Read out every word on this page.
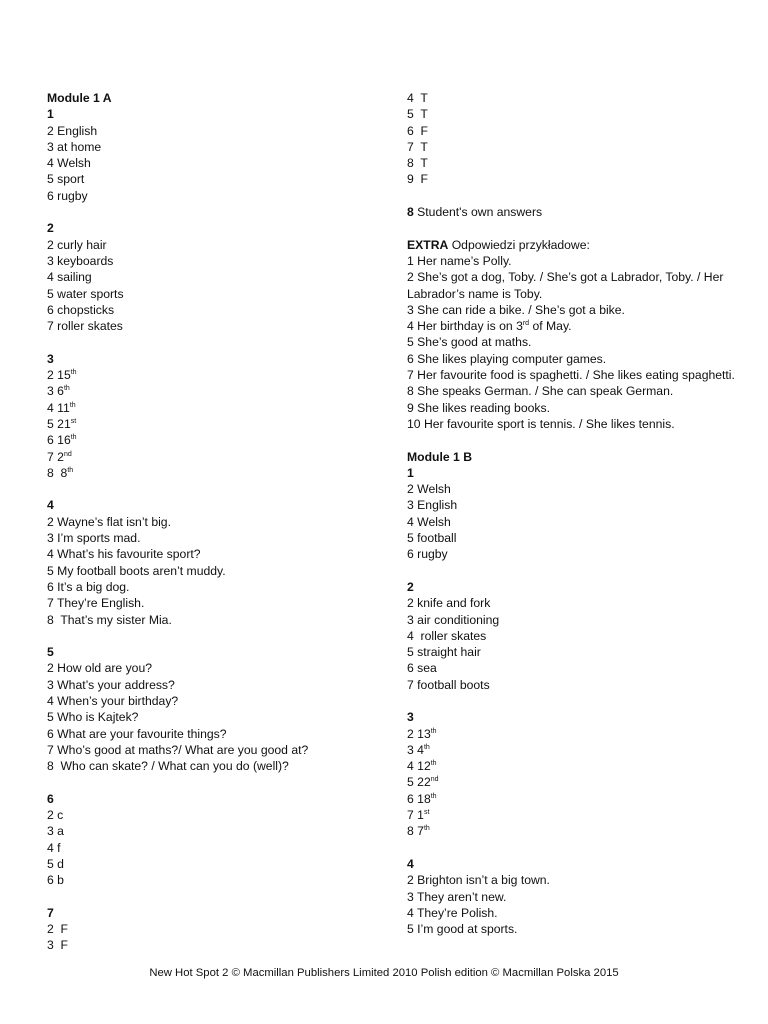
Module 1 A
1
2 English
3 at home
4 Welsh
5 sport
6 rugby
2
2 curly hair
3 keyboards
4 sailing
5 water sports
6 chopsticks
7 roller skates
3
2 15th
3 6th
4 11th
5 21st
6 16th
7 2nd
8  8th
4
2 Wayne’s flat isn’t big.
3 I’m sports mad.
4 What’s his favourite sport?
5 My football boots aren’t muddy.
6 It’s a big dog.
7 They’re English.
8  That’s my sister Mia.
5
2 How old are you?
3 What’s your address?
4 When’s your birthday?
5 Who is Kajtek?
6 What are your favourite things?
7 Who’s good at maths?/ What are you good at?
8  Who can skate? / What can you do (well)?
6
2 c
3 a
4 f
5 d
6 b
7
2  F
3  F
4  T
5  T
6  F
7  T
8  T
9  F
8 Student's own answers
EXTRA Odpowiedzi przykładowe:
1 Her name’s Polly.
2 She’s got a dog, Toby. / She’s got a Labrador, Toby. / Her Labrador’s name is Toby.
3 She can ride a bike. / She’s got a bike.
4 Her birthday is on 3rd of May.
5 She’s good at maths.
6 She likes playing computer games.
7 Her favourite food is spaghetti. / She likes eating spaghetti.
8 She speaks German. / She can speak German.
9 She likes reading books.
10 Her favourite sport is tennis. / She likes tennis.
Module 1 B
1
2 Welsh
3 English
4 Welsh
5 football
6 rugby
2
2 knife and fork
3 air conditioning
4  roller skates
5 straight hair
6 sea
7 football boots
3
2 13th
3 4th
4 12th
5 22nd
6 18th
7 1st
8 7th
4
2 Brighton isn’t a big town.
3 They aren’t new.
4 They’re Polish.
5 I’m good at sports.
New Hot Spot 2 © Macmillan Publishers Limited 2010 Polish edition © Macmillan Polska 2015
